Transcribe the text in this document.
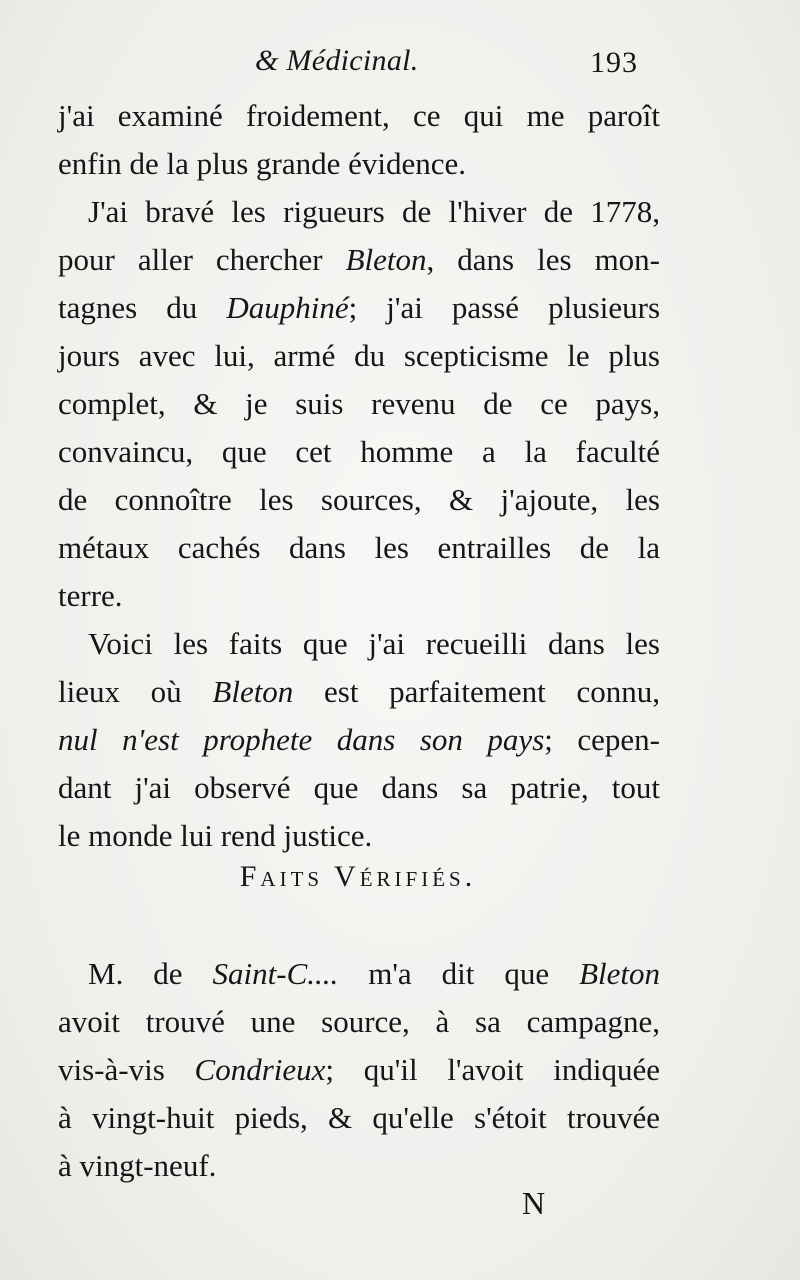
& Médicinal.	193
j'ai examiné froidement, ce qui me paroît
enfin de la plus grande évidence.
J'ai bravé les rigueurs de l'hiver de 1778,
pour aller chercher Bleton, dans les mon-
tagnes du Dauphiné; j'ai passé plusieurs
jours avec lui, armé du scepticisme le plus
complet, & je suis revenu de ce pays,
convaincu, que cet homme a la faculté
de connoître les sources, & j'ajoute, les
métaux cachés dans les entrailles de la
terre.
Voici les faits que j'ai recueilli dans les
lieux où Bleton est parfaitement connu,
nul n'est prophete dans son pays; cepen-
dant j'ai observé que dans sa patrie, tout
le monde lui rend justice.
Faits Vérifiés.
M. de Saint-C.... m'a dit que Bleton
avoit trouvé une source, à sa campagne,
vis-à-vis Condrieux; qu'il l'avoit indiquée
à vingt-huit pieds, & qu'elle s'étoit trouvée
à vingt-neuf.
N
